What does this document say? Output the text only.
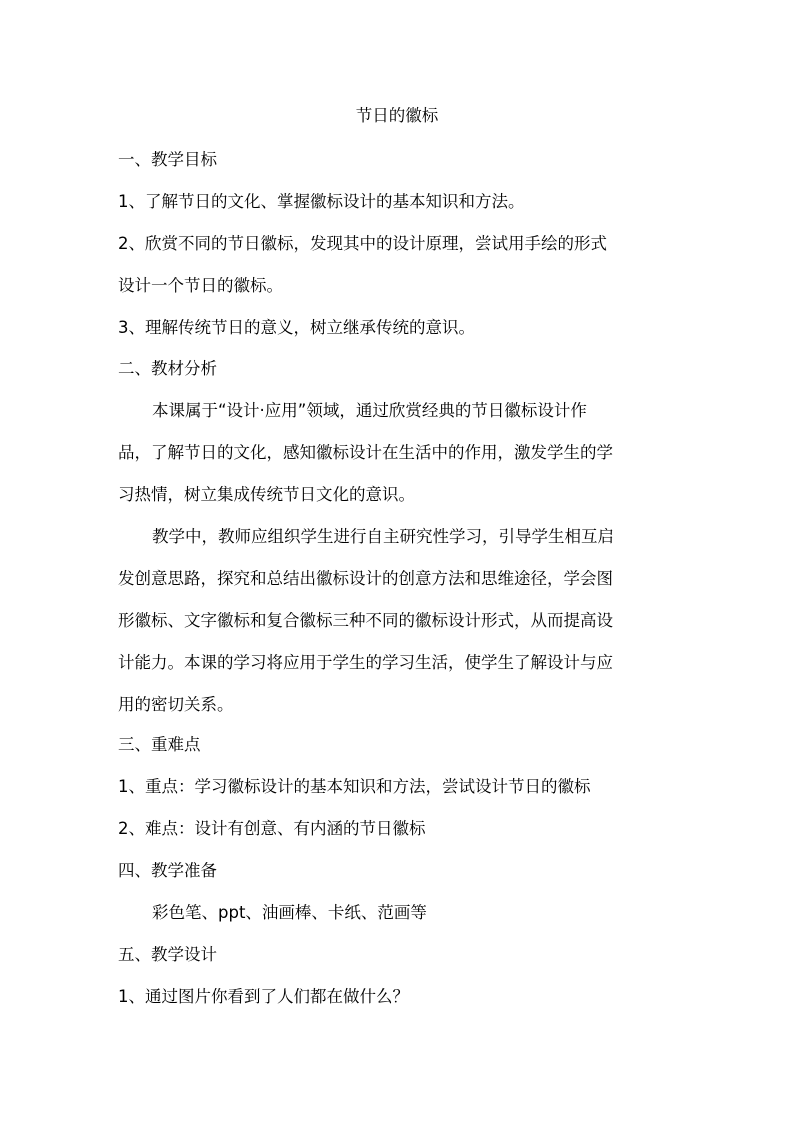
节日的徽标

一、教学目标

1、了解节日的文化、掌握徽标设计的基本知识和方法。

2、欣赏不同的节日徽标，发现其中的设计原理，尝试用手绘的形式

设计一个节日的徽标。

3、理解传统节日的意义，树立继承传统的意识。

二、教材分析

本课属于“设计·应用”领域，通过欣赏经典的节日徽标设计作

品，了解节日的文化，感知徽标设计在生活中的作用，激发学生的学

习热情，树立集成传统节日文化的意识。

教学中，教师应组织学生进行自主研究性学习，引导学生相互启

发创意思路，探究和总结出徽标设计的创意方法和思维途径，学会图

形徽标、文字徽标和复合徽标三种不同的徽标设计形式，从而提高设

计能力。本课的学习将应用于学生的学习生活，使学生了解设计与应

用的密切关系。

三、重难点

1、重点：学习徽标设计的基本知识和方法，尝试设计节日的徽标

2、难点：设计有创意、有内涵的节日徽标

四、教学准备

彩色笔、ppt、油画棒、卡纸、范画等

五、教学设计

1、通过图片你看到了人们都在做什么？
